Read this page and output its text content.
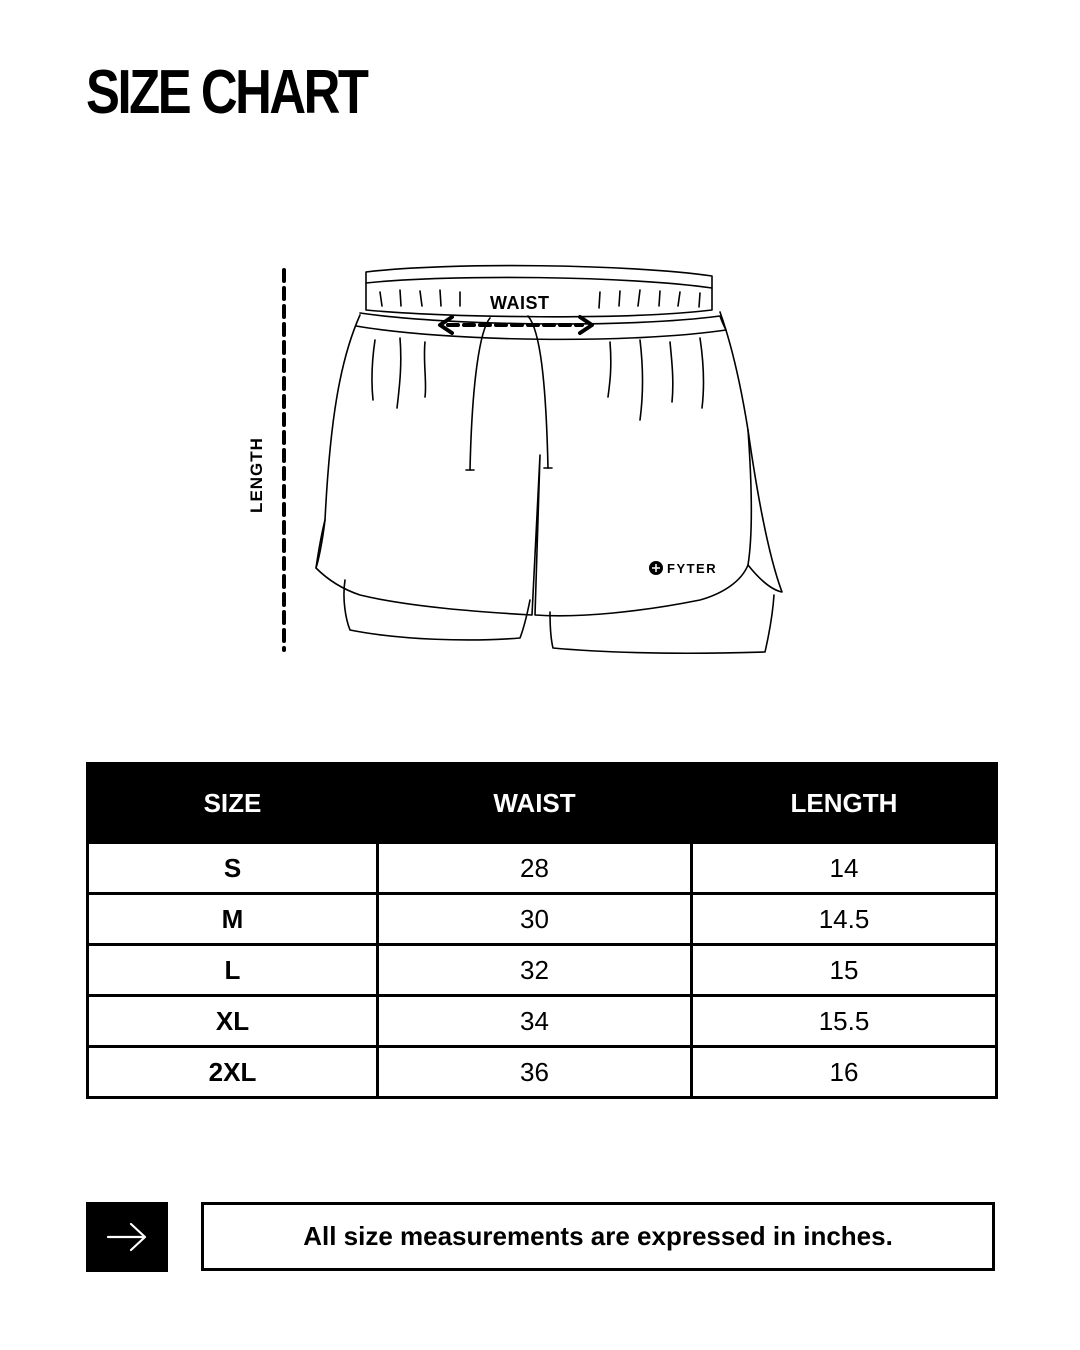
SIZE CHART
FYTER
LENGTH
WAIST
SIZE	WAIST	LENGTH
S	28	14
M	30	14.5
L	32	15
XL	34	15.5
2XL	36	16
All size measurements are expressed in inches.
